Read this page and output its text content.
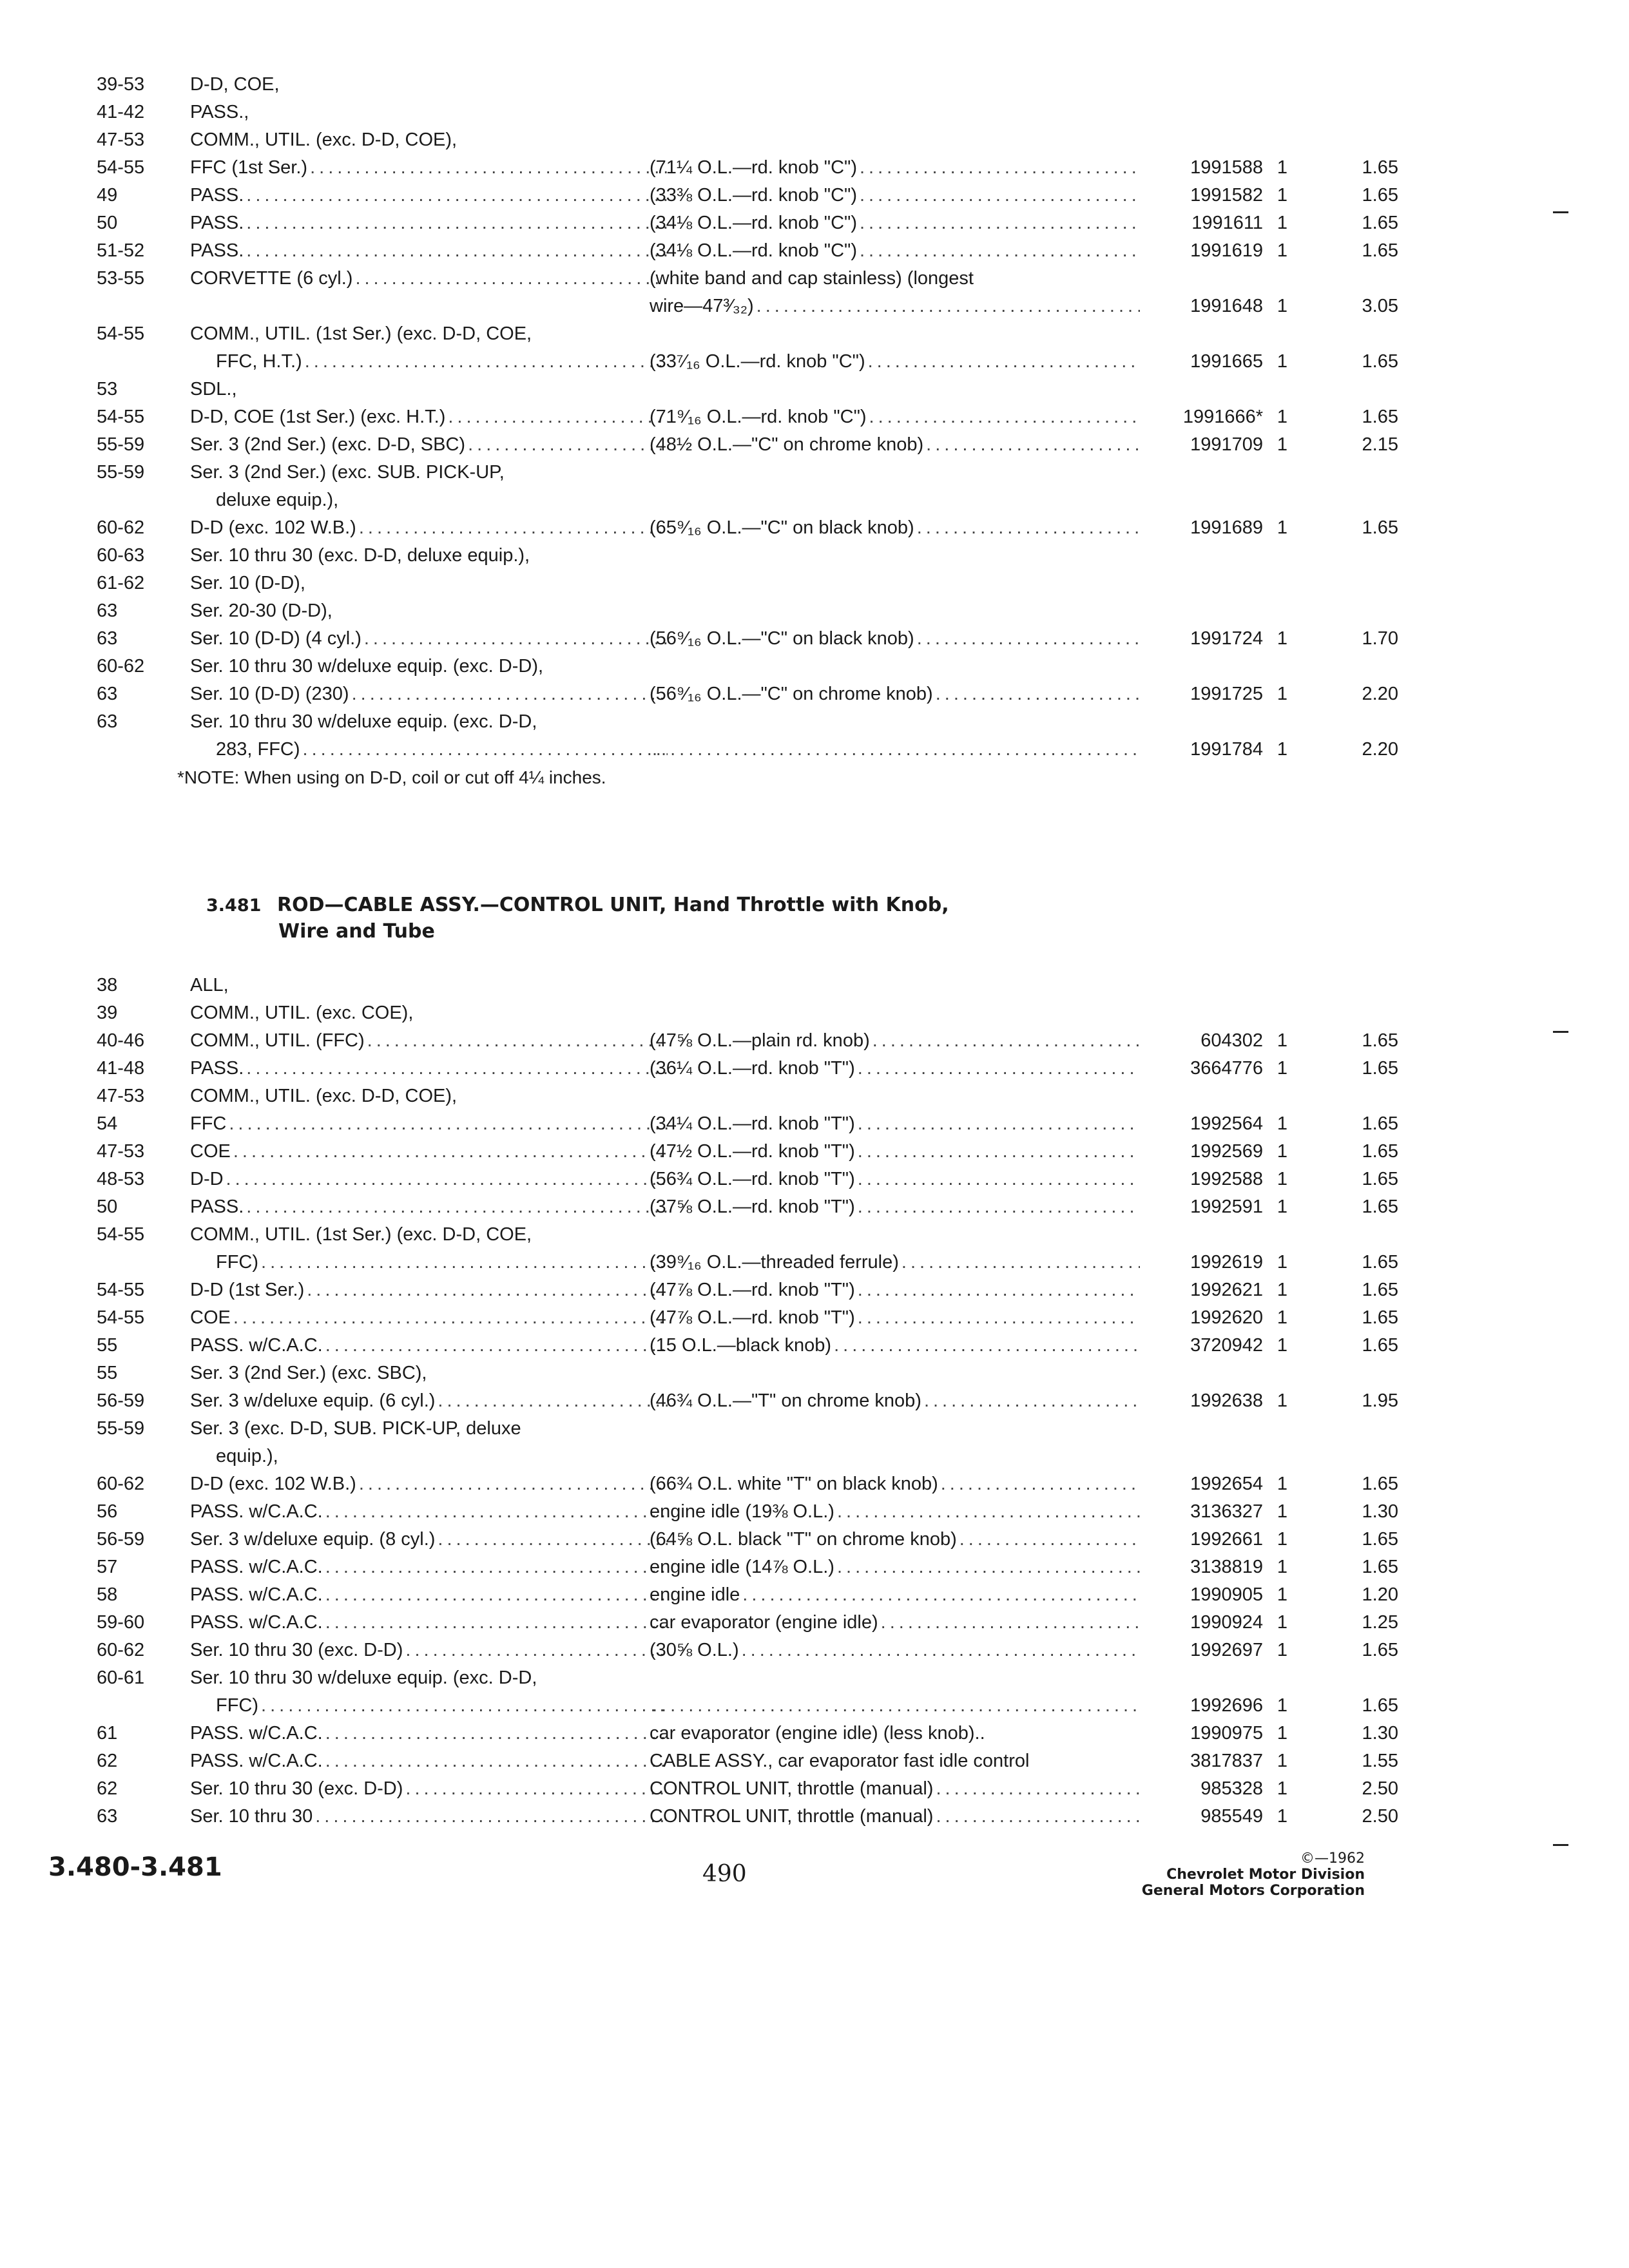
39-53	D-D, COE,
41-42	PASS.,
47-53	COMM., UTIL. (exc. D-D, COE),
54-55	FFC (1st Ser.) .....	(71¼ O.L.—rd. knob "C") .....	1991588 1	1.65
49	PASS. .....	(33⅜ O.L.—rd. knob "C") .....	1991582 1	1.65
50	PASS. .....	(34⅛ O.L.—rd. knob "C") .....	1991611 1	1.65
51-52	PASS. .....	(34⅛ O.L.—rd. knob "C") .....	1991619 1	1.65
53-55	CORVETTE (6 cyl.) .....	(white band and cap stainless) (longest
wire—47³⁄₃₂) .....	1991648 1	3.05
54-55	COMM., UTIL. (1st Ser.) (exc. D-D, COE,
FFC, H.T.) .....	(33⁷⁄₁₆ O.L.—rd. knob "C") .....	1991665 1	1.65
53	SDL.,
54-55	D-D, COE (1st Ser.) (exc. H.T.) .....	(71⁹⁄₁₆ O.L.—rd. knob "C") .....	1991666* 1	1.65
55-59	Ser. 3 (2nd Ser.) (exc. D-D, SBC) .....	(48½ O.L.—"C" on chrome knob) .....	1991709 1	2.15
55-59	Ser. 3 (2nd Ser.) (exc. SUB. PICK-UP,
deluxe equip.),
60-62	D-D (exc. 102 W.B.) .....	(65⁹⁄₁₆ O.L.—"C" on black knob) .....	1991689 1	1.65
60-63	Ser. 10 thru 30 (exc. D-D, deluxe equip.),
61-62	Ser. 10 (D-D),
63	Ser. 20-30 (D-D),
63	Ser. 10 (D-D) (4 cyl.) .....	(56⁹⁄₁₆ O.L.—"C" on black knob) .....	1991724 1	1.70
60-62	Ser. 10 thru 30 w/deluxe equip. (exc. D-D),
63	Ser. 10 (D-D) (230) .....	(56⁹⁄₁₆ O.L.—"C" on chrome knob) .....	1991725 1	2.20
63	Ser. 10 thru 30 w/deluxe equip. (exc. D-D,
283, FFC) ..... .....	1991784 1	2.20
*NOTE: When using on D-D, coil or cut off 4¼ inches.
3.481 ROD—CABLE ASSY.—CONTROL UNIT, Hand Throttle with Knob,
Wire and Tube
38	ALL,
39	COMM., UTIL. (exc. COE),
40-46	COMM., UTIL. (FFC) .....	(47⅝ O.L.—plain rd. knob) .....	604302 1	1.65
41-48	PASS. .....	(36¼ O.L.—rd. knob "T") .....	3664776 1	1.65
47-53	COMM., UTIL. (exc. D-D, COE),
54	FFC .....	(34¼ O.L.—rd. knob "T") .....	1992564 1	1.65
47-53	COE .....	(47½ O.L.—rd. knob "T") .....	1992569 1	1.65
48-53	D-D .....	(56¾ O.L.—rd. knob "T") .....	1992588 1	1.65
50	PASS. .....	(37⅝ O.L.—rd. knob "T") .....	1992591 1	1.65
54-55	COMM., UTIL. (1st Ser.) (exc. D-D, COE,
FFC) .....	(39⁹⁄₁₆ O.L.—threaded ferrule) .....	1992619 1	1.65
54-55	D-D (1st Ser.) .....	(47⅞ O.L.—rd. knob "T") .....	1992621 1	1.65
54-55	COE .....	(47⅞ O.L.—rd. knob "T") .....	1992620 1	1.65
55	PASS. w/C.A.C. .....	(15 O.L.—black knob) .....	3720942 1	1.65
55	Ser. 3 (2nd Ser.) (exc. SBC),
56-59	Ser. 3 w/deluxe equip. (6 cyl.) .....	(46¾ O.L.—"T" on chrome knob) .....	1992638 1	1.95
55-59	Ser. 3 (exc. D-D, SUB. PICK-UP, deluxe
equip.),
60-62	D-D (exc. 102 W.B.) .....	(66¾ O.L. white "T" on black knob) .....	1992654 1	1.65
56	PASS. w/C.A.C. .....	engine idle (19⅜ O.L.) .....	3136327 1	1.30
56-59	Ser. 3 w/deluxe equip. (8 cyl.) .....	(64⅝ O.L. black "T" on chrome knob) .....	1992661 1	1.65
57	PASS. w/C.A.C. .....	engine idle (14⅞ O.L.) .....	3138819 1	1.65
58	PASS. w/C.A.C. .....	engine idle .....	1990905 1	1.20
59-60	PASS. w/C.A.C. .....	car evaporator (engine idle) .....	1990924 1	1.25
60-62	Ser. 10 thru 30 (exc. D-D) .....	(30⅝ O.L.) .....	1992697 1	1.65
60-61	Ser. 10 thru 30 w/deluxe equip. (exc. D-D,
FFC) ..... .....	1992696 1	1.65
61	PASS. w/C.A.C. .....	car evaporator (engine idle) (less knob)..	1990975 1	1.30
62	PASS. w/C.A.C. .....	CABLE ASSY., car evaporator fast idle control	3817837 1	1.55
62	Ser. 10 thru 30 (exc. D-D) .....	CONTROL UNIT, throttle (manual) .....	985328 1	2.50
63	Ser. 10 thru 30 .....	CONTROL UNIT, throttle (manual) .....	985549 1	2.50
3.480-3.481	490
©—1962
Chevrolet Motor Division
General Motors Corporation
